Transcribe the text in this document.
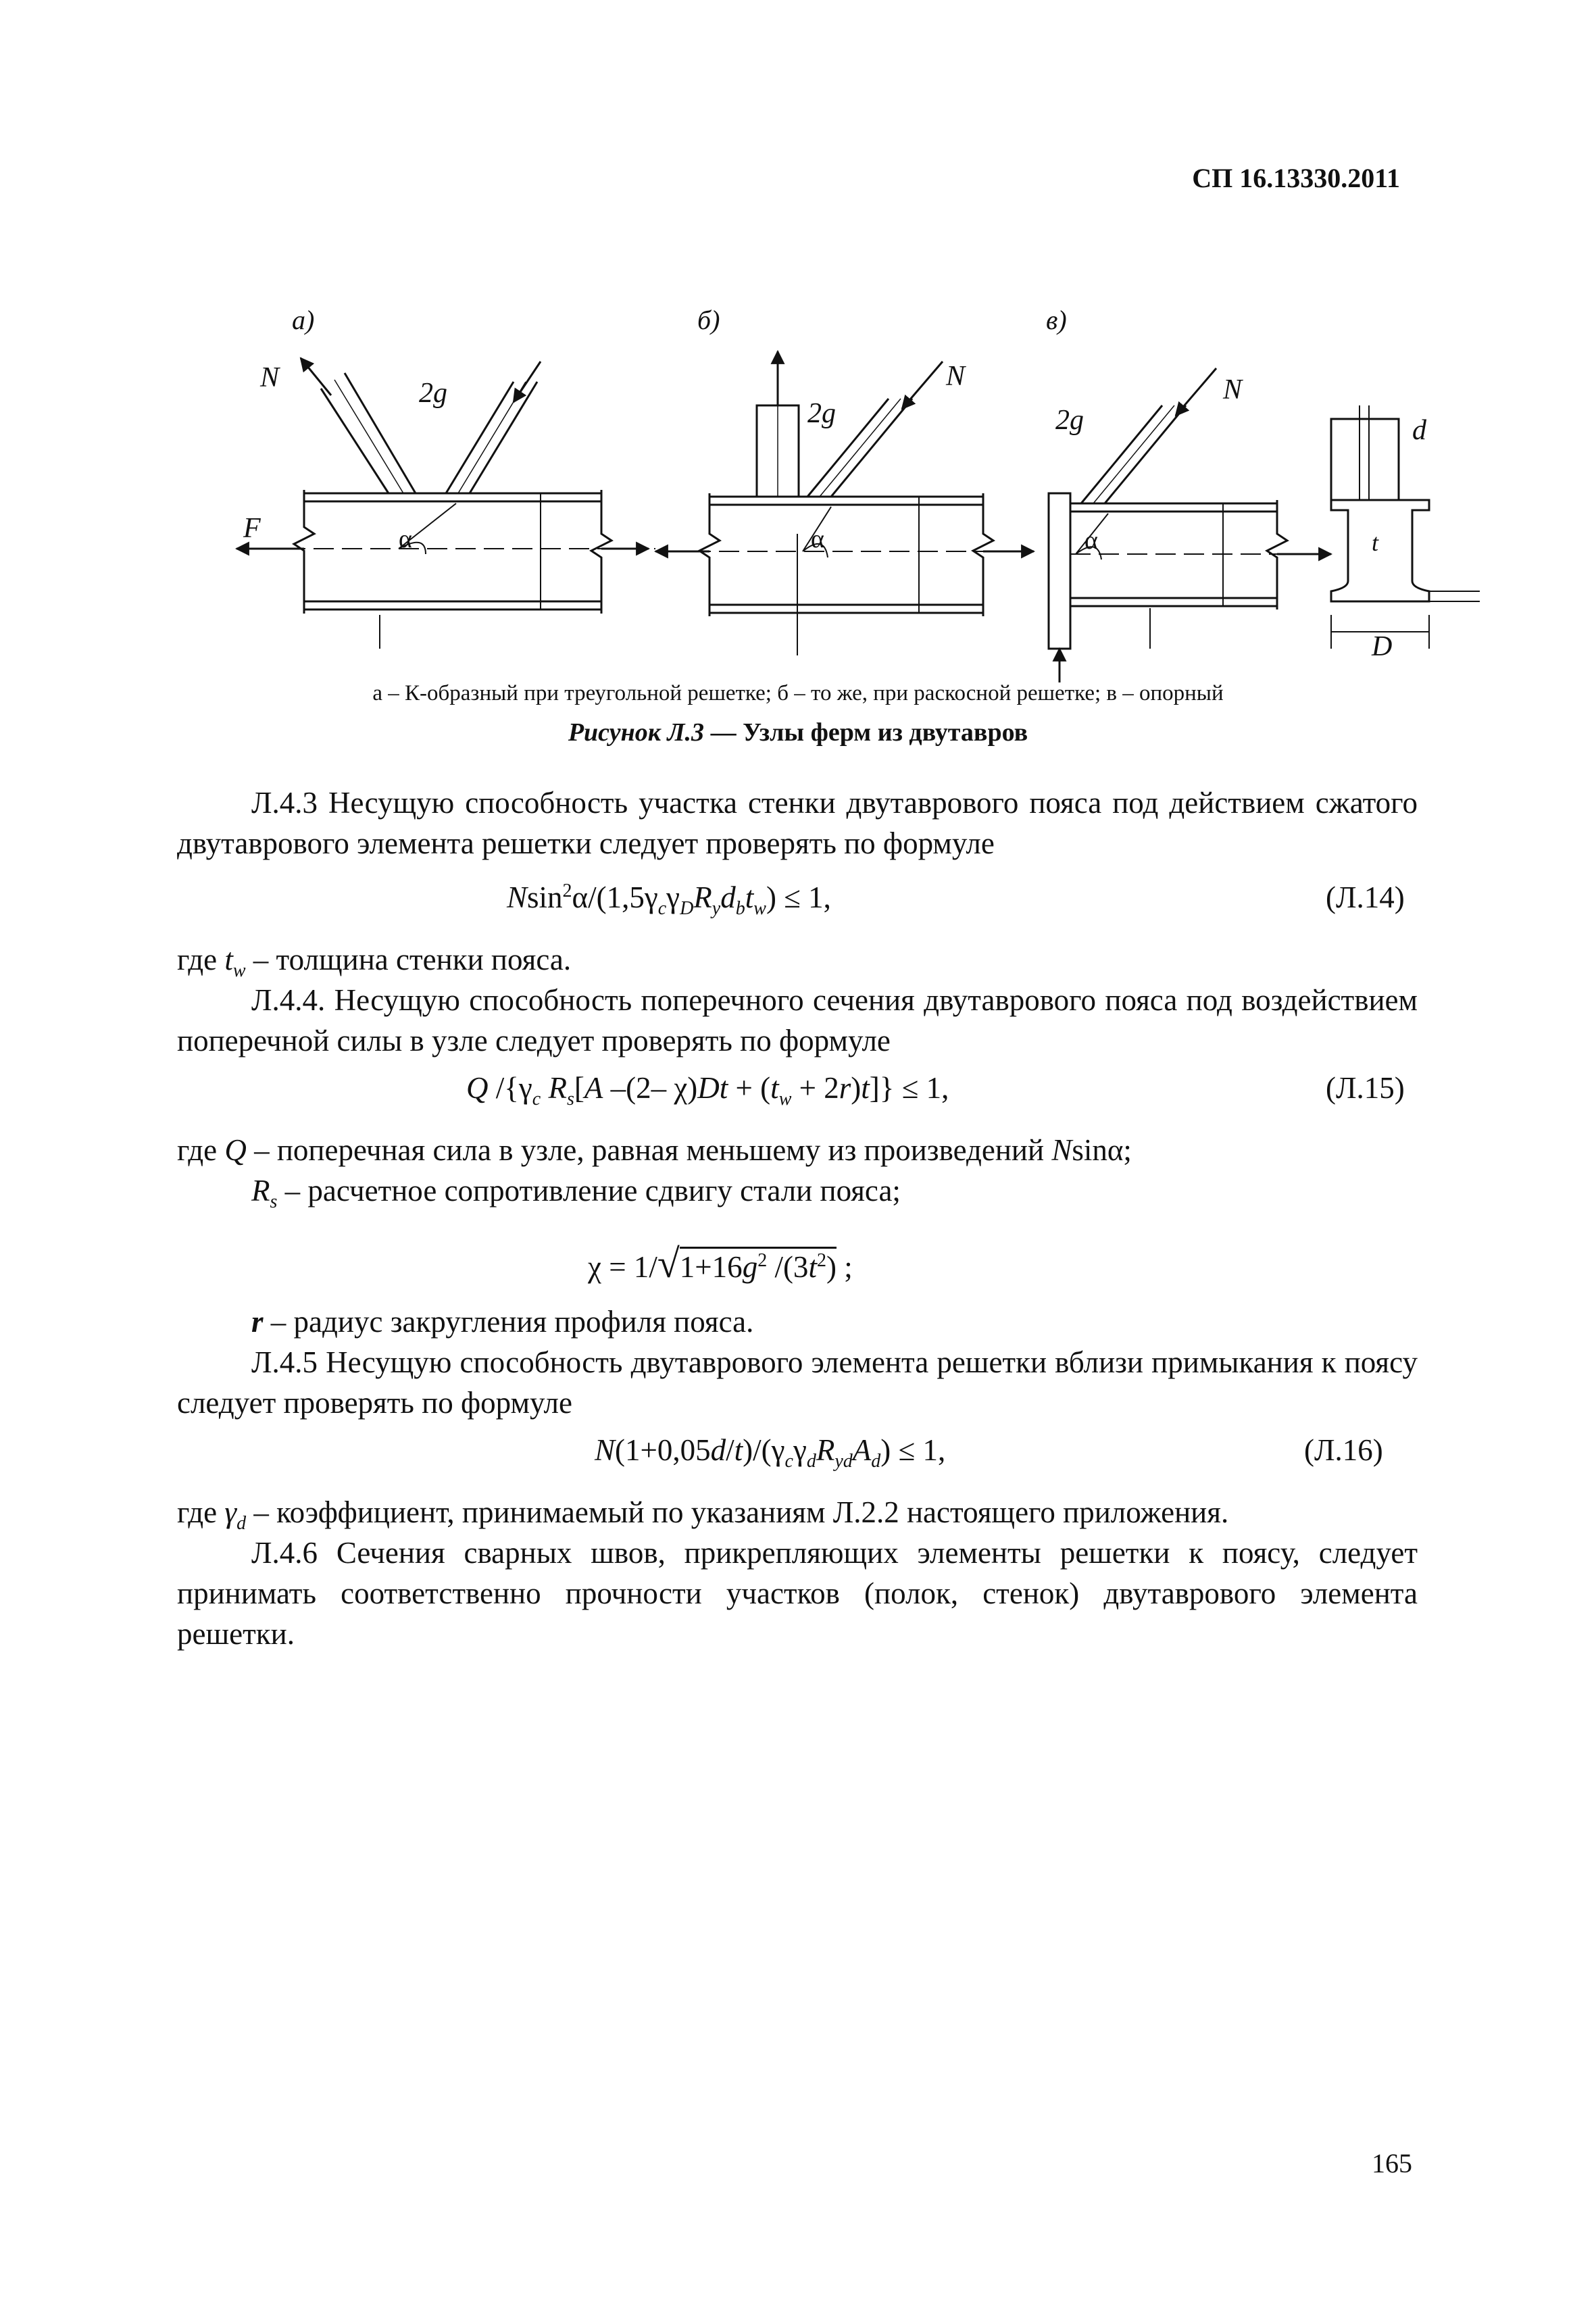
СП 16.13330.2011
а)	б)	в)
N
F
2g
α
N
2g
α
N
2g
α
d
t
D
а – К-образный при треугольной решетке; б – то же, при раскосной решетке; в – опорный
Рисунок Л.3 — Узлы ферм из двутавров
Л.4.3 Несущую способность участка стенки двутаврового пояса под действием сжатого двутаврового элемента решетки следует проверять по формуле
$Nsin^2\alpha/(1,5\gamma_c\gamma_DR_yd_bt_w) \le 1$,	(Л.14)
где $t_w$ – толщина стенки пояса.
Л.4.4. Несущую способность поперечного сечения двутаврового пояса под воздействием поперечной силы в узле следует проверять по формуле
Q $/\{\gamma_c$ $R_s[A$ –(2– $\chi)Dt + (t_w + 2r)t]\} \le 1$,	(Л.15)
где Q – поперечная сила в узле, равная меньшему из произведений Nsinα;
$R_s$ – расчетное сопротивление сдвигу стали пояса;
$\chi = 1/√1+16g^2$ $/(3t^2)$ ;
r – радиус закругления профиля пояса.
Л.4.5 Несущую способность двутаврового элемента решетки вблизи примыкания к поясу следует проверять по формуле
$N(1+0,05d/t)/(\gamma_c\gamma_dR_{yd}A_d) \le 1$,	(Л.16)
где $\gamma_d$ – коэффициент, принимаемый по указаниям Л.2.2 настоящего приложения.
Л.4.6 Сечения сварных швов, прикрепляющих элементы решетки к поясу, следует принимать соответственно прочности участков (полок, стенок) двутаврового элемента решетки.
165
